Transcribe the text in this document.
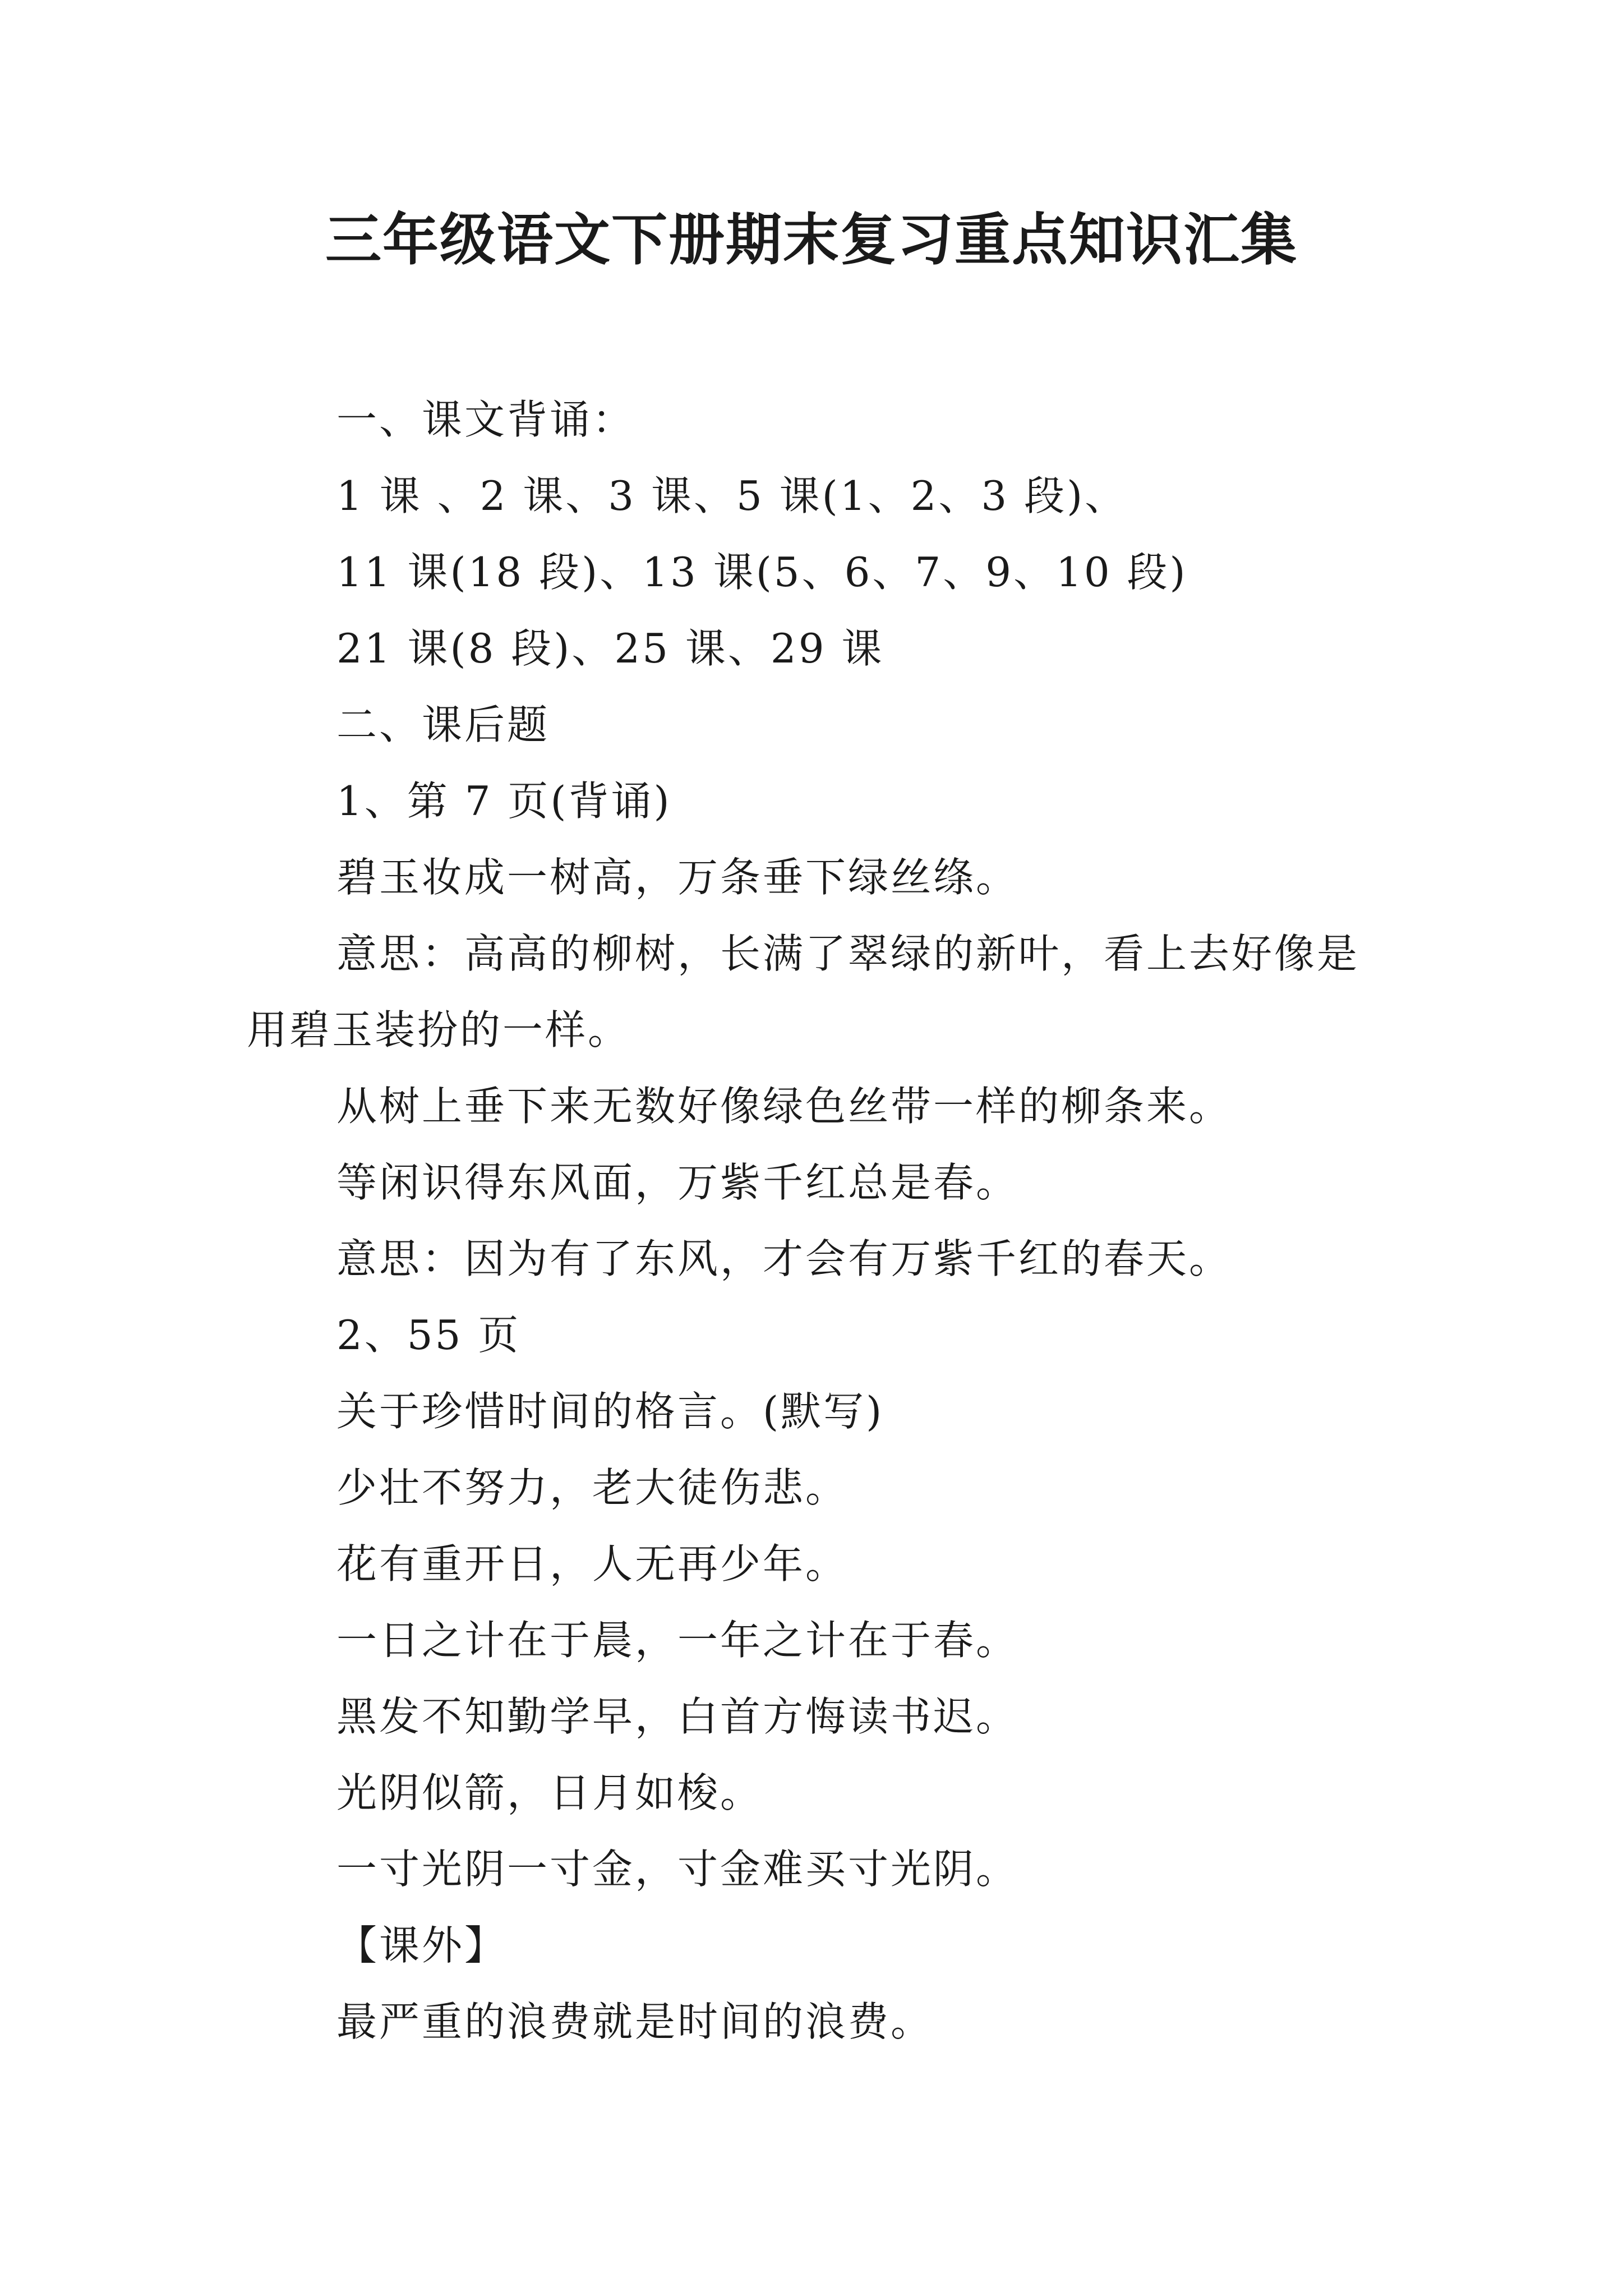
三年级语文下册期末复习重点知识汇集
一、课文背诵：
1 课 、2 课、3 课、5 课(1、2、3 段)、
11 课(18 段)、13 课(5、6、7、9、10 段)
21 课(8 段)、25 课、29 课
二、课后题
1、第 7 页(背诵)
碧玉妆成一树高，万条垂下绿丝绦。
意思：高高的柳树，长满了翠绿的新叶，看上去好像是用碧玉装扮的一样。
从树上垂下来无数好像绿色丝带一样的柳条来。
等闲识得东风面，万紫千红总是春。
意思：因为有了东风，才会有万紫千红的春天。
2、55 页
关于珍惜时间的格言。(默写)
少壮不努力，老大徒伤悲。
花有重开日，人无再少年。
一日之计在于晨，一年之计在于春。
黑发不知勤学早，白首方悔读书迟。
光阴似箭，日月如梭。
一寸光阴一寸金，寸金难买寸光阴。
【课外】
最严重的浪费就是时间的浪费。
